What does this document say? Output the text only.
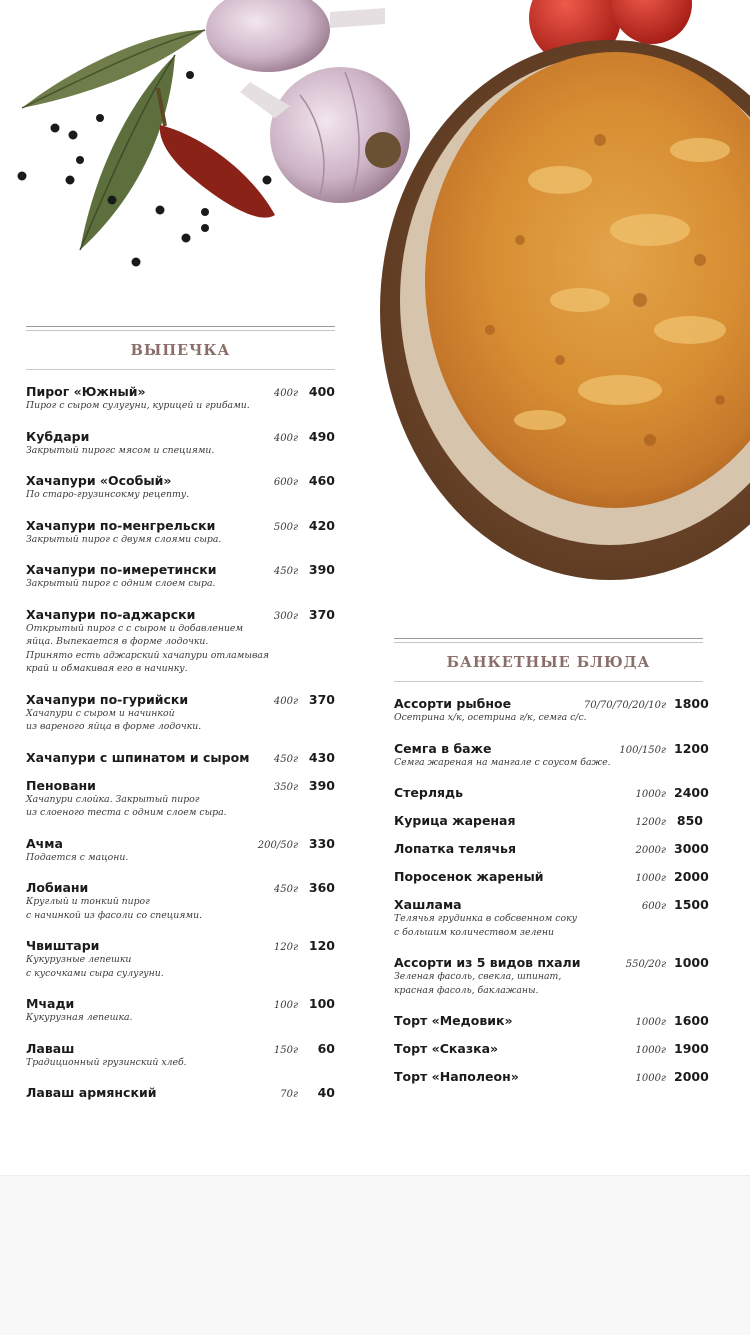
ВЫПЕЧКА
Пирог «Южный»	400г 400
Пирог с сыром сулугуни, курицей и грибами.
Кубдари	400г 490
Закрытый пирогс мясом и специями.
Хачапури «Особый»	600г 460
По старо-грузинсокму рецепту.
Хачапури по-менгрельски	500г 420
Закрытый пирог с двумя слоями сыра.
Хачапури по-имеретински	450г 390
Закрытый пирог с одним слоем сыра.
Хачапури по-аджарски	300г 370
Открытый пирог с с сыром и добавлением
яйца. Выпекается в форме лодочки.
Принято есть аджарский хачапури отламывая
край и обмакивая его в начинку.
Хачапури по-гурийски	400г 370
Хачапури с сыром и начинкой
из вареного яйца в форме лодочки.
Хачапури с шпинатом и сыром	450г 430
Пеновани	350г 390
Хачапури слойка. Закрытый пирог
из слоеного теста с одним слоем сыра.
Ачма	200/50г 330
Подается с мацони.
Лобиани	450г 360
Круглый и тонкий пирог
с начинкой из фасоли со специями.
Чвиштари	120г 120
Кукурузные лепешки
с кусочками сыра сулугуни.
Мчади	100г 100
Кукурузная лепешка.
Лаваш	150г	60
Традиционный грузинский хлеб.
Лаваш армянский	70г	40
БАНКЕТНЫЕ БЛЮДА
Ассорти рыбное	70/70/70/20/10г 1800
Осетрина х/к, осетрина г/к, семга с/с.
Семга в баже	100/150г 1200
Семга жареная на мангале с соусом баже.
Стерлядь	1000г 2400
Курица жареная	1200г 850
Лопатка телячья	2000г 3000
Поросенок жареный	1000г 2000
Хашлама	600г 1500
Телячья грудинка в собсвенном соку
с большим количеством зелени
Ассорти из 5 видов пхали	550/20г 1000
Зеленая фасоль, свекла, шпинат,
красная фасоль, баклажаны.
Торт «Медовик»	1000г 1600
Торт «Сказка»	1000г 1900
Торт «Наполеон»	1000г 2000
